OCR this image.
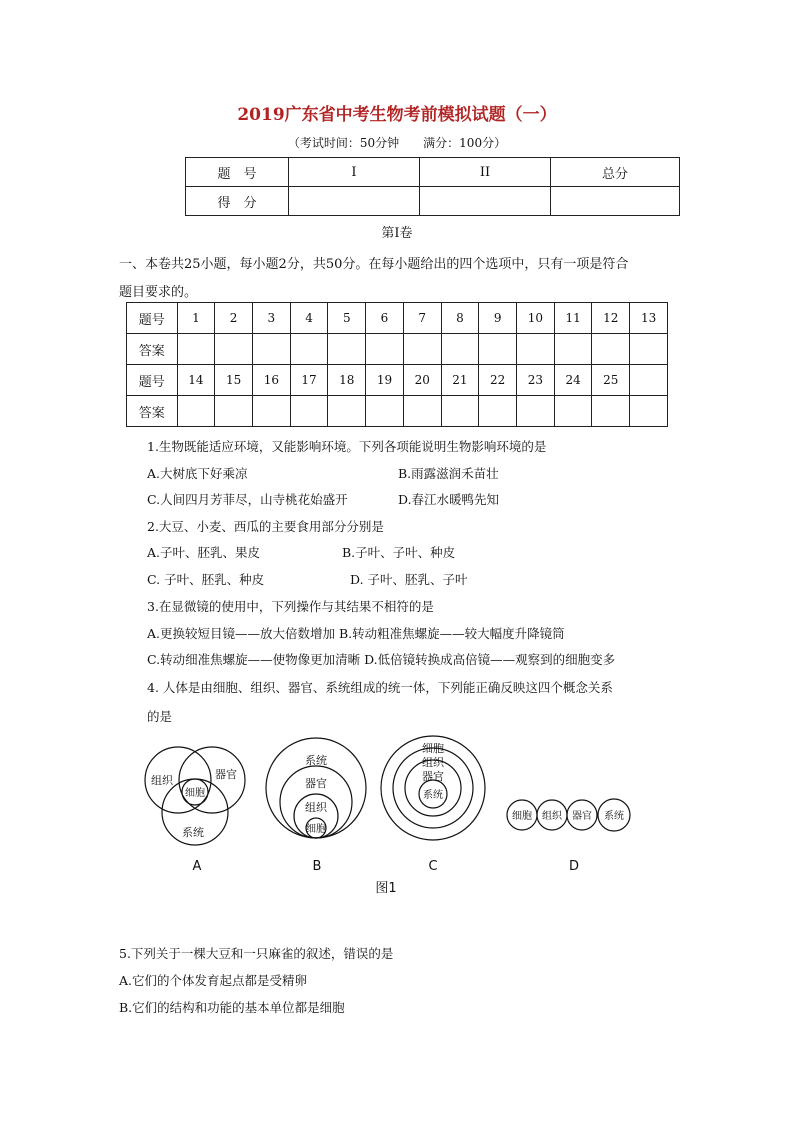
2019广东省中考生物考前模拟试题（一）
（考试时间：50分钟　　满分：100分）
题　号	I	II	总分
得　分			
第Ⅰ卷
一、本卷共25小题，每小题2分，共50分。在每小题给出的四个选项中，只有一项是符合
题目要求的。
题号	1	2	3	4	5	6	7	8	9	10	11	12	13
答案													
题号	14	15	16	17	18	19	20	21	22	23	24	25	
答案													
1.生物既能适应环境，又能影响环境。下列各项能说明生物影响环境的是
A.大树底下好乘凉	B.雨露滋润禾苗壮
C.人间四月芳菲尽，山寺桃花始盛开	D.春江水暖鸭先知
2.大豆、小麦、西瓜的主要食用部分分别是
A.子叶、胚乳、果皮	B.子叶、子叶、种皮
C. 子叶、胚乳、种皮	D. 子叶、胚乳、子叶
3.在显微镜的使用中，下列操作与其结果不相符的是
A.更换较短目镜——放大倍数增加 B.转动粗准焦螺旋——较大幅度升降镜筒
C.转动细准焦螺旋——使物像更加清晰 D.低倍镜转换成高倍镜——观察到的细胞变多
4. 人体是由细胞、组织、器官、系统组成的统一体，下列能正确反映这四个概念关系
的是
组织	器官
细胞
系统
系统
器官
组织
细胞
细胞
组织
器官
系统
细胞 组织 器官 系统
A	B	C	D
图1
5.下列关于一棵大豆和一只麻雀的叙述，错误的是
A.它们的个体发育起点都是受精卵
B.它们的结构和功能的基本单位都是细胞
